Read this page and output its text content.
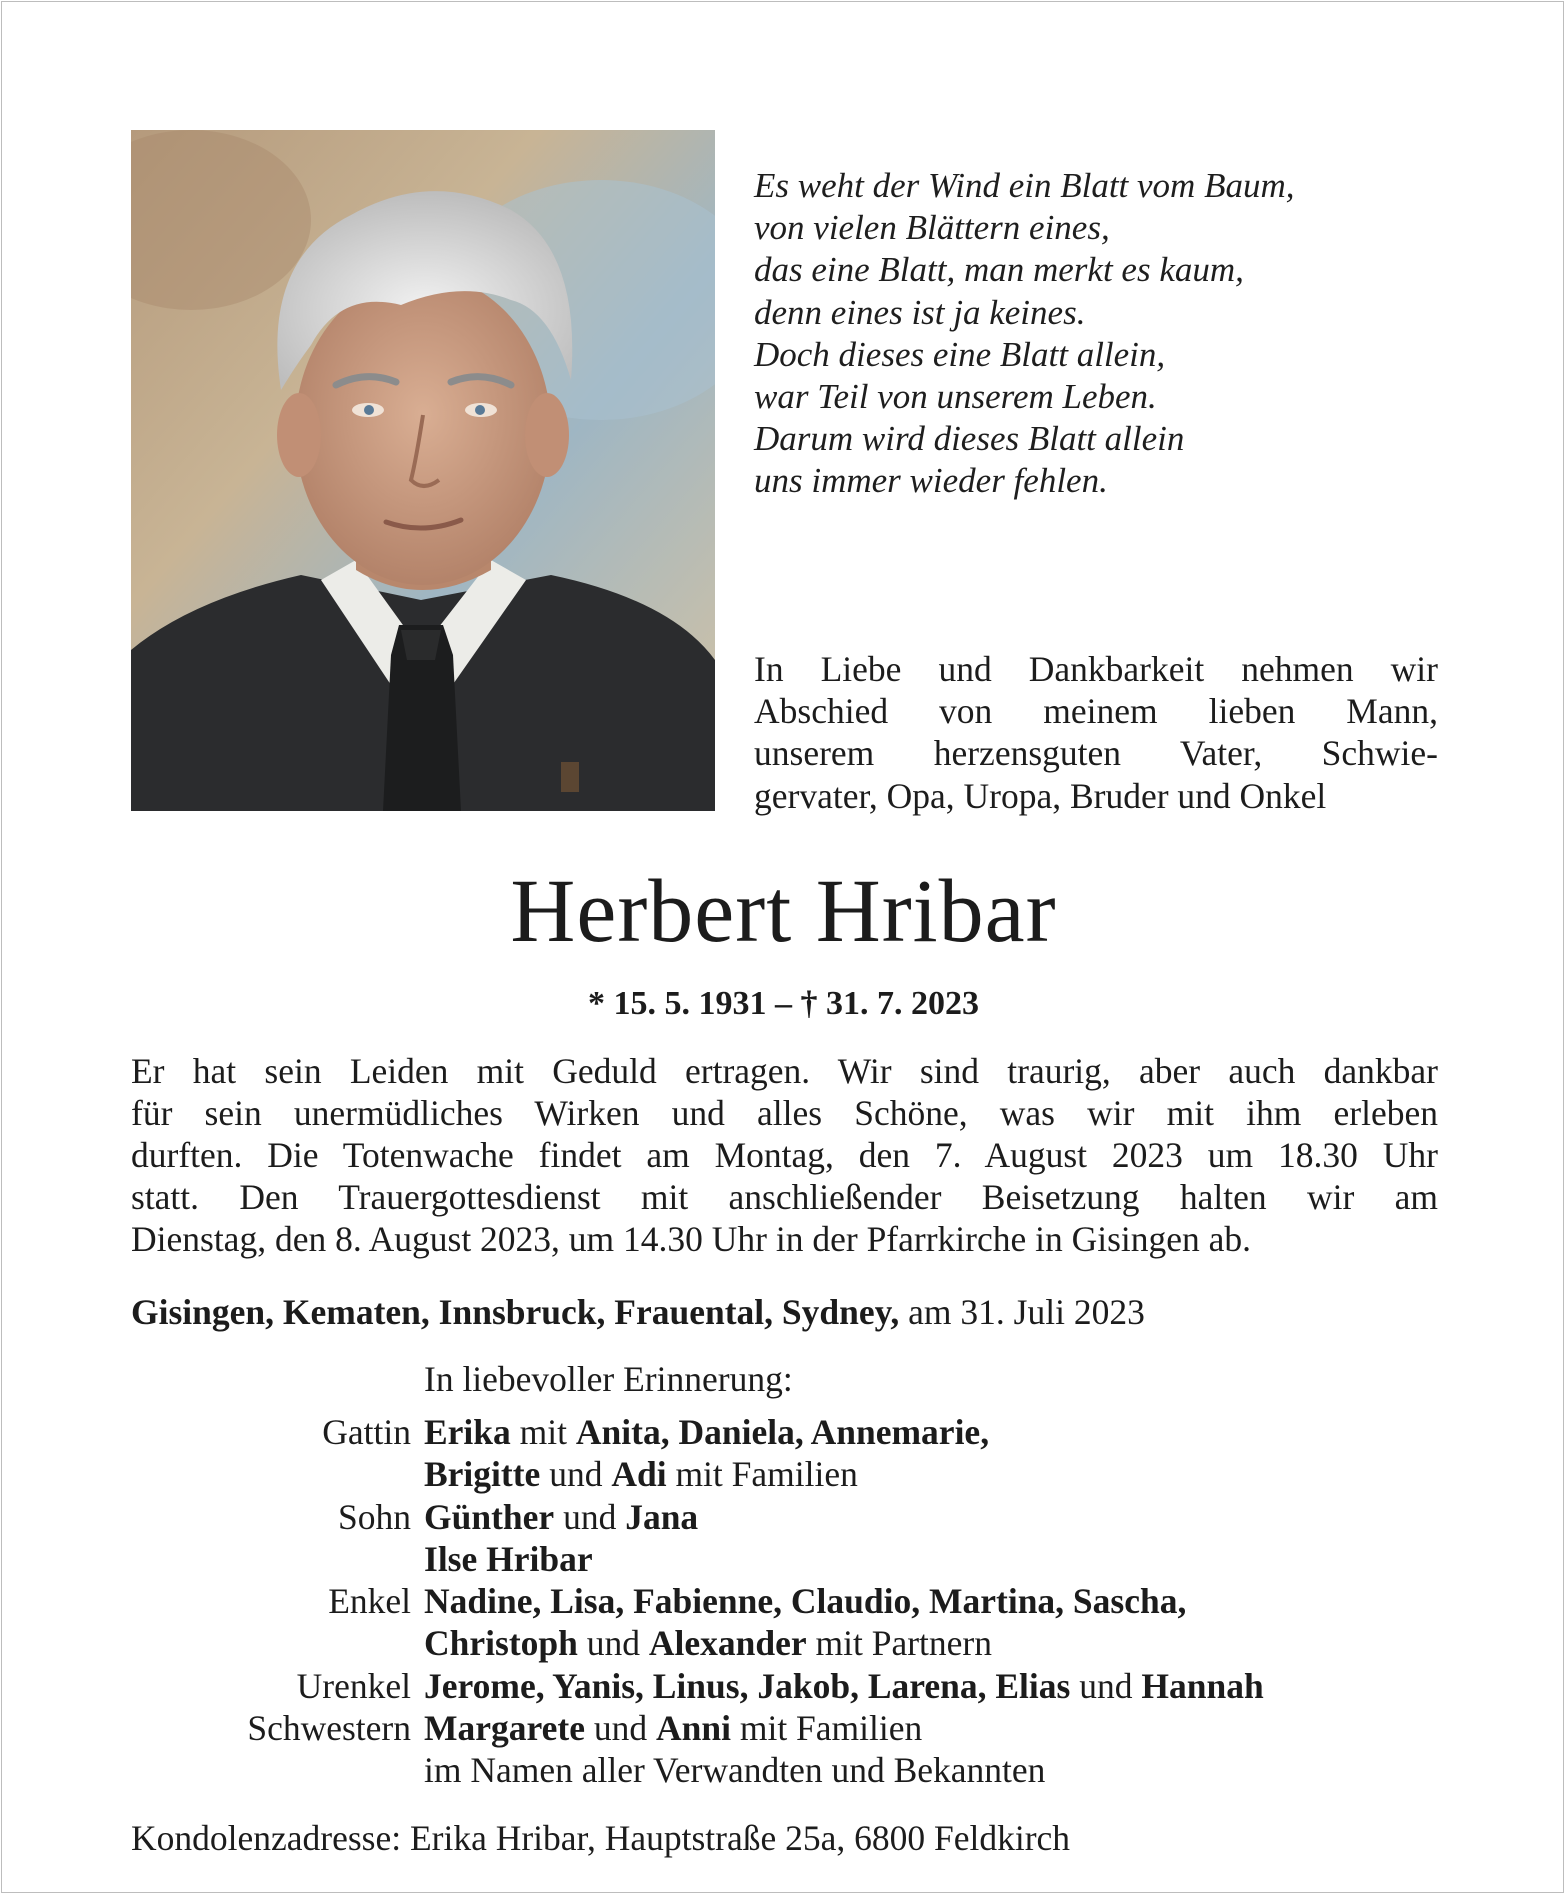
Es weht der Wind ein Blatt vom Baum,
von vielen Blättern eines,
das eine Blatt, man merkt es kaum,
denn eines ist ja keines.
Doch dieses eine Blatt allein,
war Teil von unserem Leben.
Darum wird dieses Blatt allein
uns immer wieder fehlen.
In Liebe und Dankbarkeit nehmen wir
Abschied von meinem lieben Mann,
unserem herzensguten Vater, Schwie-
gervater, Opa, Uropa, Bruder und Onkel
Herbert Hribar
* 15. 5. 1931 – † 31. 7. 2023
Er hat sein Leiden mit Geduld ertragen. Wir sind traurig, aber auch dankbar
für sein unermüdliches Wirken und alles Schöne, was wir mit ihm erleben
durften. Die Totenwache findet am Montag, den 7. August 2023 um 18.30 Uhr
statt. Den Trauergottesdienst mit anschließender Beisetzung halten wir am
Dienstag, den 8. August 2023, um 14.30 Uhr in der Pfarrkirche in Gisingen ab.
Gisingen, Kematen, Innsbruck, Frauental, Sydney, am 31. Juli 2023
In liebevoller Erinnerung:
Gattin Erika mit Anita, Daniela, Annemarie,
Brigitte und Adi mit Familien
Sohn Günther und Jana
Ilse Hribar
Enkel Nadine, Lisa, Fabienne, Claudio, Martina, Sascha,
Christoph und Alexander mit Partnern
Urenkel Jerome, Yanis, Linus, Jakob, Larena, Elias und Hannah
Schwestern Margarete und Anni mit Familien
im Namen aller Verwandten und Bekannten
Kondolenzadresse: Erika Hribar, Hauptstraße 25a, 6800 Feldkirch
